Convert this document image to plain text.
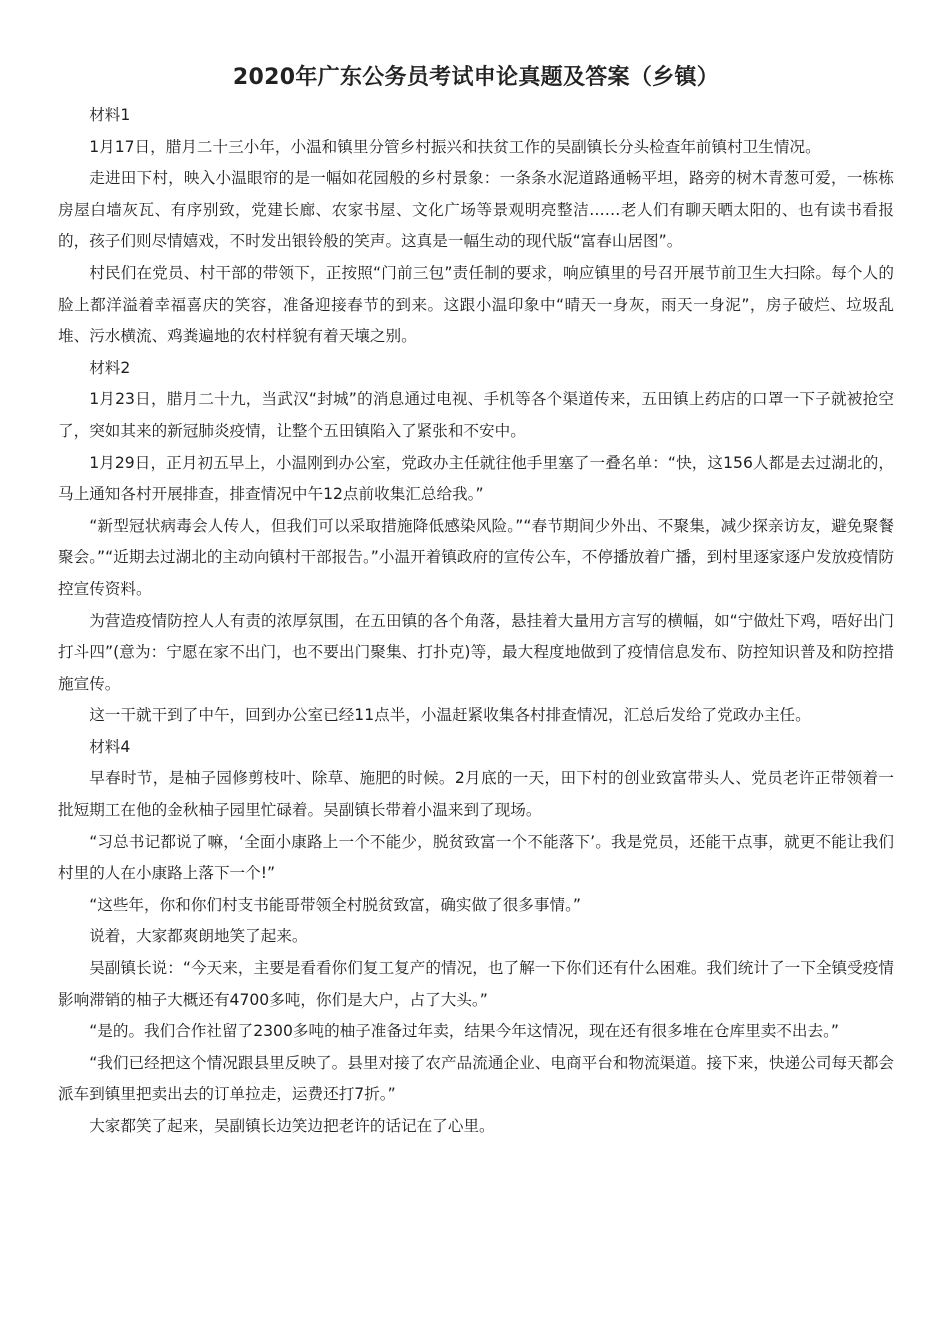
2020年广东公务员考试申论真题及答案（乡镇）

材料1

1月17日，腊月二十三小年，小温和镇里分管乡村振兴和扶贫工作的吴副镇长分头检查年前镇村卫生情况。

走进田下村，映入小温眼帘的是一幅如花园般的乡村景象：一条条水泥道路通畅平坦，路旁的树木青葱可爱，一栋栋房屋白墙灰瓦、有序别致，党建长廊、农家书屋、文化广场等景观明亮整洁……老人们有聊天晒太阳的、也有读书看报的，孩子们则尽情嬉戏，不时发出银铃般的笑声。这真是一幅生动的现代版“富春山居图”。

村民们在党员、村干部的带领下，正按照“门前三包”责任制的要求，响应镇里的号召开展节前卫生大扫除。每个人的脸上都洋溢着幸福喜庆的笑容，准备迎接春节的到来。这跟小温印象中“晴天一身灰，雨天一身泥”，房子破烂、垃圾乱堆、污水横流、鸡粪遍地的农村样貌有着天壤之别。

材料2

1月23日，腊月二十九，当武汉“封城”的消息通过电视、手机等各个渠道传来，五田镇上药店的口罩一下子就被抢空了，突如其来的新冠肺炎疫情，让整个五田镇陷入了紧张和不安中。

1月29日，正月初五早上，小温刚到办公室，党政办主任就往他手里塞了一叠名单：“快，这156人都是去过湖北的，马上通知各村开展排查，排查情况中午12点前收集汇总给我。”

“新型冠状病毒会人传人，但我们可以采取措施降低感染风险。”“春节期间少外出、不聚集，减少探亲访友，避免聚餐聚会。”“近期去过湖北的主动向镇村干部报告。”小温开着镇政府的宣传公车，不停播放着广播，到村里逐家逐户发放疫情防控宣传资料。

为营造疫情防控人人有责的浓厚氛围，在五田镇的各个角落，悬挂着大量用方言写的横幅，如“宁做灶下鸡，唔好出门打斗四”(意为：宁愿在家不出门，也不要出门聚集、打扑克)等，最大程度地做到了疫情信息发布、防控知识普及和防控措施宣传。

这一干就干到了中午，回到办公室已经11点半，小温赶紧收集各村排查情况，汇总后发给了党政办主任。

材料4

早春时节，是柚子园修剪枝叶、除草、施肥的时候。2月底的一天，田下村的创业致富带头人、党员老许正带领着一批短期工在他的金秋柚子园里忙碌着。吴副镇长带着小温来到了现场。

“习总书记都说了嘛，‘全面小康路上一个不能少，脱贫致富一个不能落下’。我是党员，还能干点事，就更不能让我们村里的人在小康路上落下一个!”

“这些年，你和你们村支书能哥带领全村脱贫致富，确实做了很多事情。”

说着，大家都爽朗地笑了起来。

吴副镇长说：“今天来，主要是看看你们复工复产的情况，也了解一下你们还有什么困难。我们统计了一下全镇受疫情影响滞销的柚子大概还有4700多吨，你们是大户，占了大头。”

“是的。我们合作社留了2300多吨的柚子准备过年卖，结果今年这情况，现在还有很多堆在仓库里卖不出去。”

“我们已经把这个情况跟县里反映了。县里对接了农产品流通企业、电商平台和物流渠道。接下来，快递公司每天都会派车到镇里把卖出去的订单拉走，运费还打7折。”

大家都笑了起来，吴副镇长边笑边把老许的话记在了心里。
